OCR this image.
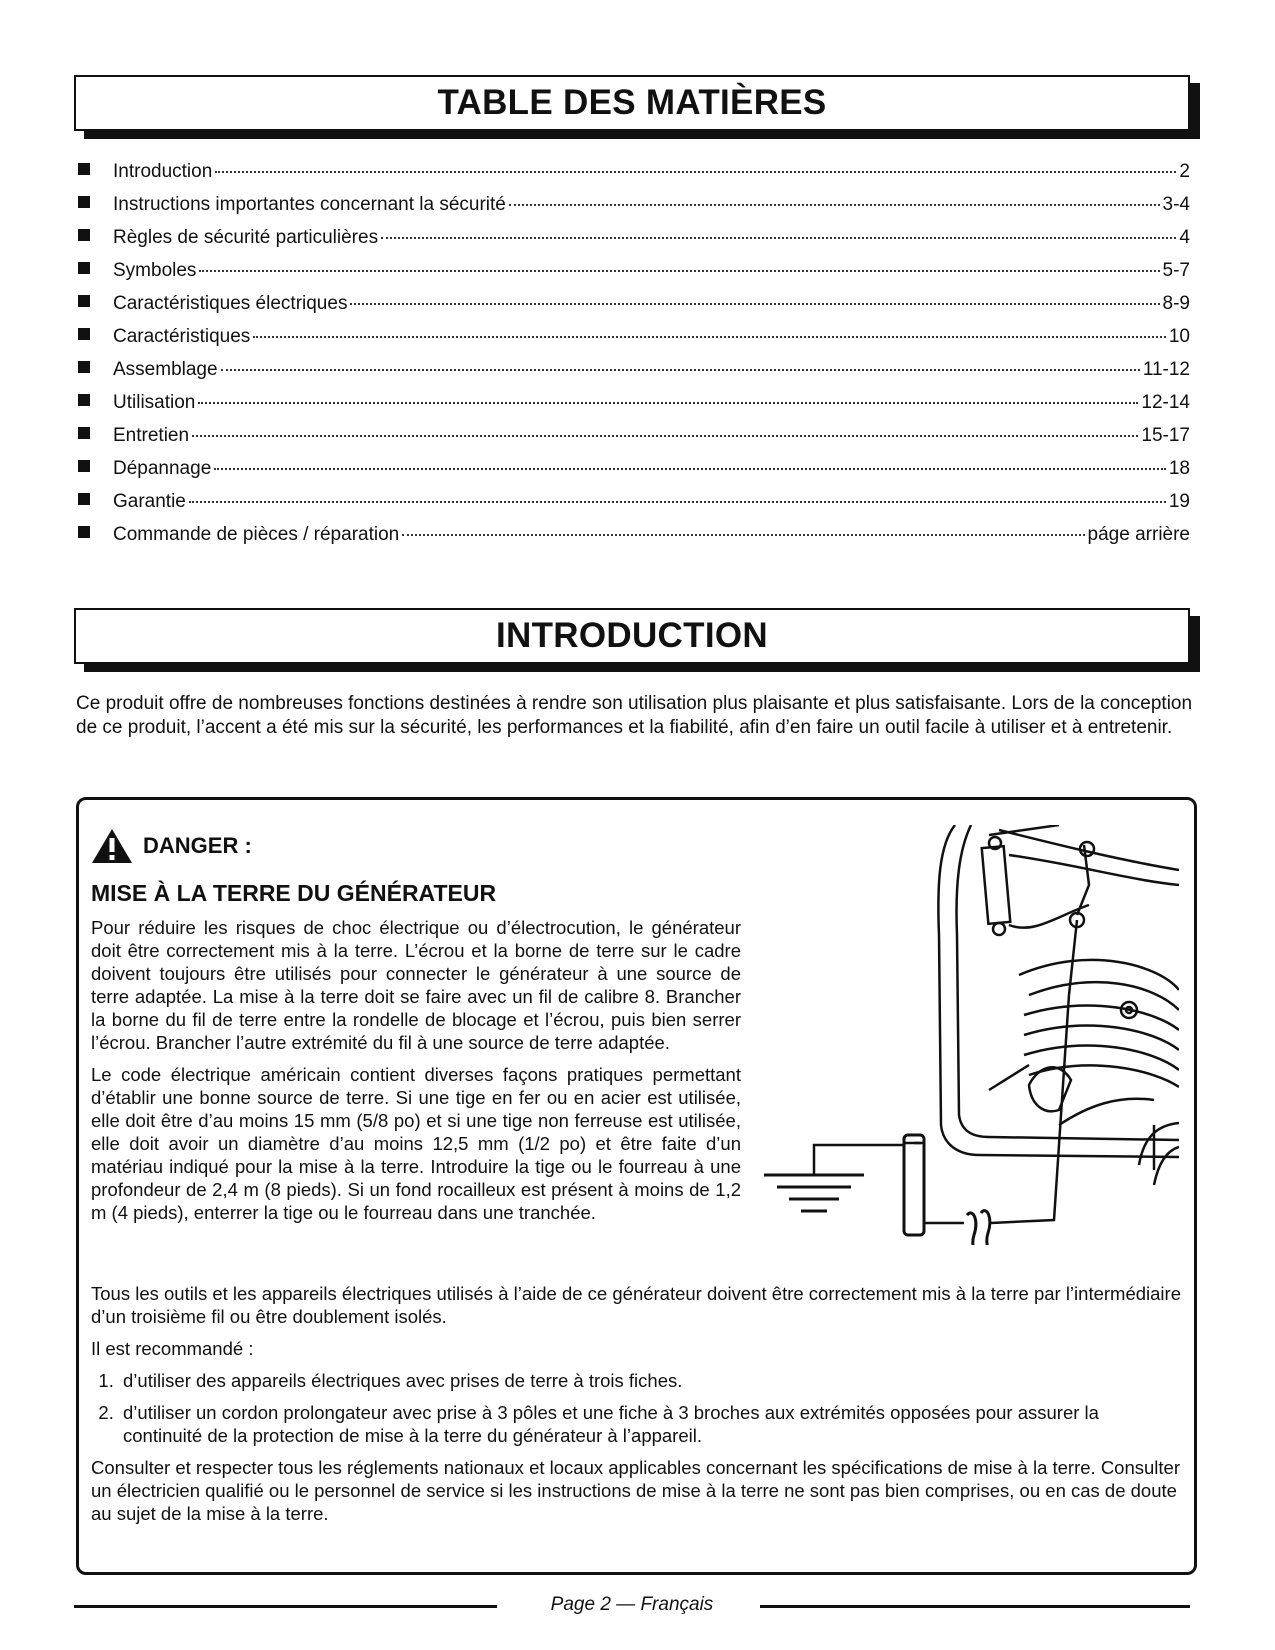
TABLE DES MATIÈRES
Introduction	2
Instructions importantes concernant la sécurité	3-4
Règles de sécurité particulières	4
Symboles	5-7
Caractéristiques électriques	8-9
Caractéristiques	10
Assemblage	11-12
Utilisation	12-14
Entretien	15-17
Dépannage	18
Garantie	19
Commande de pièces / réparation	páge arrière
INTRODUCTION

Ce produit offre de nombreuses fonctions destinées à rendre son utilisation plus plaisante et plus satisfaisante. Lors de la conception de ce produit, l’accent a été mis sur la sécurité, les performances et la fiabilité, afin d’en faire un outil facile à utiliser et à entretenir.

DANGER :
MISE À LA TERRE DU GÉNÉRATEUR

Pour réduire les risques de choc électrique ou d’électrocution, le générateur doit être correctement mis à la terre. L’écrou et la borne de terre sur le cadre doivent toujours être utilisés pour connecter le générateur à une source de terre adaptée. La mise à la terre doit se faire avec un fil de calibre 8. Brancher la borne du fil de terre entre la rondelle de blocage et l’écrou, puis bien serrer l’écrou. Brancher l’autre extrémité du fil à une source de terre adaptée.

Le code électrique américain contient diverses façons pratiques permettant d’établir une bonne source de terre. Si une tige en fer ou en acier est utilisée, elle doit être d’au moins 15 mm (5/8 po) et si une tige non ferreuse est utilisée, elle doit avoir un diamètre d’au moins 12,5 mm (1/2 po) et être faite d’un matériau indiqué pour la mise à la terre. Introduire la tige ou le fourreau à une profondeur de 2,4 m (8 pieds). Si un fond rocailleux est présent à moins de 1,2 m (4 pieds), enterrer la tige ou le fourreau dans une tranchée.

Tous les outils et les appareils électriques utilisés à l’aide de ce générateur doivent être correctement mis à la terre par l’intermédiaire d’un troisième fil ou être doublement isolés.

Il est recommandé :

1. d’utiliser des appareils électriques avec prises de terre à trois fiches.
2. d’utiliser un cordon prolongateur avec prise à 3 pôles et une fiche à 3 broches aux extrémités opposées pour assurer la continuité de la protection de mise à la terre du générateur à l’appareil.

Consulter et respecter tous les réglements nationaux et locaux applicables concernant les spécifications de mise à la terre. Consulter un électricien qualifié ou le personnel de service si les instructions de mise à la terre ne sont pas bien comprises, ou en cas de doute au sujet de la mise à la terre.

Page 2 — Français
